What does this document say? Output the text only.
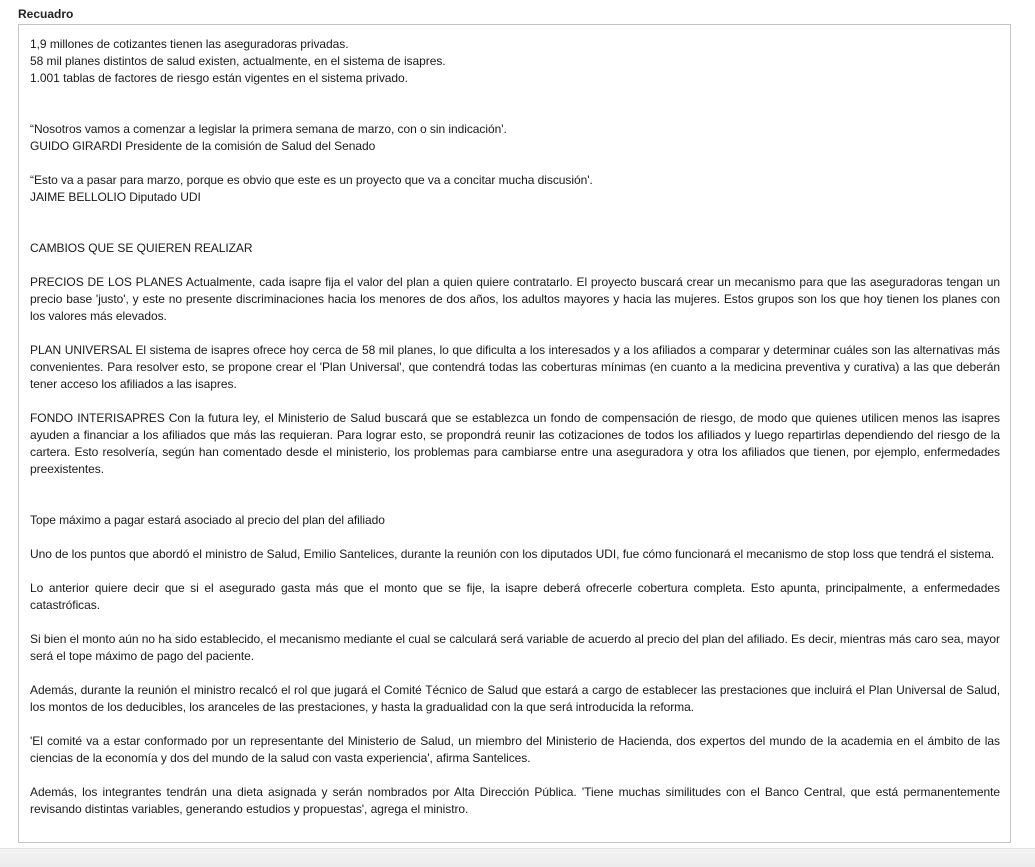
Recuadro

1,9 millones de cotizantes tienen las aseguradoras privadas.

58 mil planes distintos de salud existen, actualmente, en el sistema de isapres.

1.001 tablas de factores de riesgo están vigentes en el sistema privado.

“Nosotros vamos a comenzar a legislar la primera semana de marzo, con o sin indicación'.

GUIDO GIRARDI Presidente de la comisión de Salud del Senado

“Esto va a pasar para marzo, porque es obvio que este es un proyecto que va a concitar mucha discusión'.

JAIME BELLOLIO Diputado UDI

CAMBIOS QUE SE QUIEREN REALIZAR

PRECIOS DE LOS PLANES Actualmente, cada isapre fija el valor del plan a quien quiere contratarlo. El proyecto buscará crear un mecanismo para que las aseguradoras tengan un precio base 'justo', y este no presente discriminaciones hacia los menores de dos años, los adultos mayores y hacia las mujeres. Estos grupos son los que hoy tienen los planes con los valores más elevados.

PLAN UNIVERSAL El sistema de isapres ofrece hoy cerca de 58 mil planes, lo que dificulta a los interesados y a los afiliados a comparar y determinar cuáles son las alternativas más convenientes. Para resolver esto, se propone crear el 'Plan Universal', que contendrá todas las coberturas mínimas (en cuanto a la medicina preventiva y curativa) a las que deberán tener acceso los afiliados a las isapres.

FONDO INTERISAPRES Con la futura ley, el Ministerio de Salud buscará que se establezca un fondo de compensación de riesgo, de modo que quienes utilicen menos las isapres ayuden a financiar a los afiliados que más las requieran. Para lograr esto, se propondrá reunir las cotizaciones de todos los afiliados y luego repartirlas dependiendo del riesgo de la cartera. Esto resolvería, según han comentado desde el ministerio, los problemas para cambiarse entre una aseguradora y otra los afiliados que tienen, por ejemplo, enfermedades preexistentes.

Tope máximo a pagar estará asociado al precio del plan del afiliado

Uno de los puntos que abordó el ministro de Salud, Emilio Santelices, durante la reunión con los diputados UDI, fue cómo funcionará el mecanismo de stop loss que tendrá el sistema.

Lo anterior quiere decir que si el asegurado gasta más que el monto que se fije, la isapre deberá ofrecerle cobertura completa. Esto apunta, principalmente, a enfermedades catastróficas.

Si bien el monto aún no ha sido establecido, el mecanismo mediante el cual se calculará será variable de acuerdo al precio del plan del afiliado. Es decir, mientras más caro sea, mayor será el tope máximo de pago del paciente.

Además, durante la reunión el ministro recalcó el rol que jugará el Comité Técnico de Salud que estará a cargo de establecer las prestaciones que incluirá el Plan Universal de Salud, los montos de los deducibles, los aranceles de las prestaciones, y hasta la gradualidad con la que será introducida la reforma.

'El comité va a estar conformado por un representante del Ministerio de Salud, un miembro del Ministerio de Hacienda, dos expertos del mundo de la academia en el ámbito de las ciencias de la economía y dos del mundo de la salud con vasta experiencia', afirma Santelices.

Además, los integrantes tendrán una dieta asignada y serán nombrados por Alta Dirección Pública. 'Tiene muchas similitudes con el Banco Central, que está permanentemente revisando distintas variables, generando estudios y propuestas', agrega el ministro.
